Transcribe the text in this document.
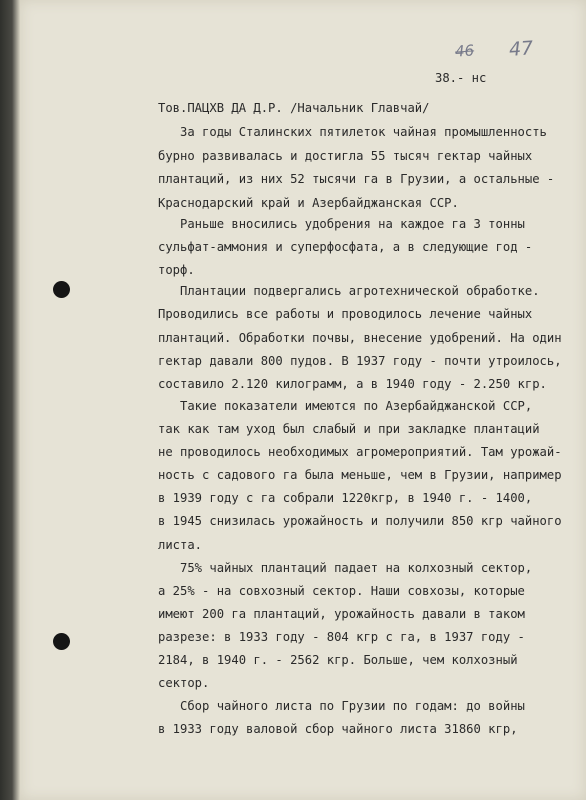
46 47

38.- нс

Тов.ПАЦХВ ДА Д.Р. /Начальник Главчай/

За годы Сталинских пятилеток чайная промышленность

бурно развивалась и достигла 55 тысяч гектар чайных

плантаций, из них 52 тысячи га в Грузии, а остальные -

Краснодарский край и Азербайджанская ССР.

Раньше вносились удобрения на каждое га 3 тонны

сульфат-аммония и суперфосфата, а в следующие год -

торф.

Плантации подвергались агротехнической обработке.

Проводились все работы и проводилось лечение чайных

плантаций. Обработки почвы, внесение удобрений. На один

гектар давали 800 пудов. В 1937 году - почти утроилось,

составило 2.120 килограмм, а в 1940 году - 2.250 кгр.

Такие показатели имеются по Азербайджанской ССР,

так как там уход был слабый и при закладке плантаций

не проводилось необходимых агромероприятий. Там урожай-

ность с садового га была меньше, чем в Грузии, например

в 1939 году с га собрали 1220кгр, в 1940 г. - 1400,

в 1945 снизилась урожайность и получили 850 кгр чайного

листа.

75% чайных плантаций падает на колхозный сектор,

а 25% - на совхозный сектор. Наши совхозы, которые

имеют 200 га плантаций, урожайность давали в таком

разрезе: в 1933 году - 804 кгр с га, в 1937 году -

2184, в 1940 г. - 2562 кгр. Больше, чем колхозный

сектор.

Сбор чайного листа по Грузии по годам: до войны

в 1933 году валовой сбор чайного листа 31860 кгр,
